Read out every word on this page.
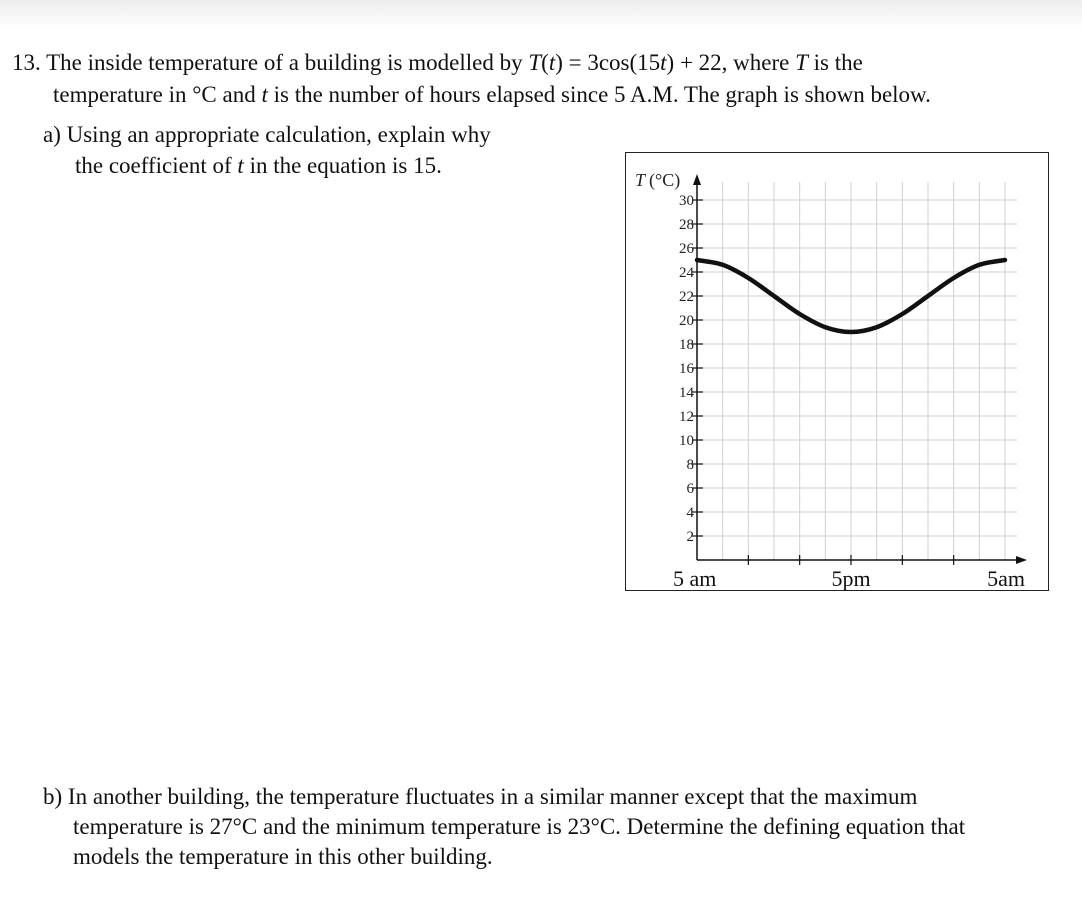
13. The inside temperature of a building is modelled by T(t) = 3cos(15t) + 22, where T is the
temperature in °C and t is the number of hours elapsed since 5 A.M. The graph is shown below.
a) Using an appropriate calculation, explain why
the coefficient of t in the equation is 15.
T (°C)
2
4
6
8
10
12
14
16
18
20
22
24
26
28
30
5 am	5pm	5am
b) In another building, the temperature fluctuates in a similar manner except that the maximum
temperature is 27°C and the minimum temperature is 23°C. Determine the defining equation that
models the temperature in this other building.
